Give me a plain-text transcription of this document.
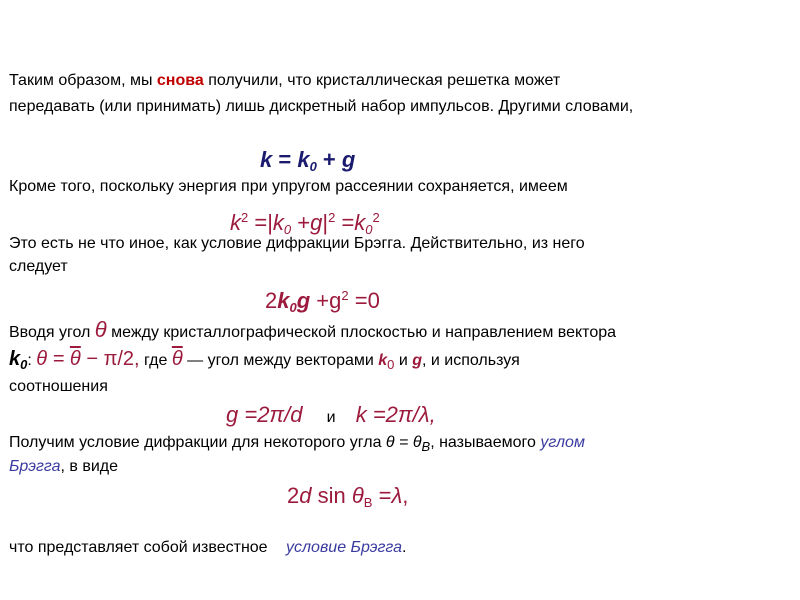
Таким образом, мы снова получили, что кристаллическая решетка может
передавать (или принимать) лишь дискретный набор импульсов. Другими словами,
$k = k_0 + g$
Кроме того, поскольку энергия при упругом рассеянии сохраняется, имеем
$k^2 =|k_0 +g|^2 =k_0^2$
Это есть не что иное, как условие дифракции Брэгга. Действительно, из него
следует
$2k_0g +g^2 =0$
Вводя угол θ между кристаллографической плоскостью и направлением вектора
$k_0$: $\theta = \overline{\theta} - \pi/2$, где $\overline{\theta}$ — угол между векторами $k_0$ и g, и используя
соотношения
g =2π/d и k =2π/λ,
Получим условие дифракции для некоторого угла $\theta = \theta_B$, называемого углом
Брэгга, в виде
2d $\sin \theta_B =\lambda$,
что представляет собой известное условие Брэгга.
